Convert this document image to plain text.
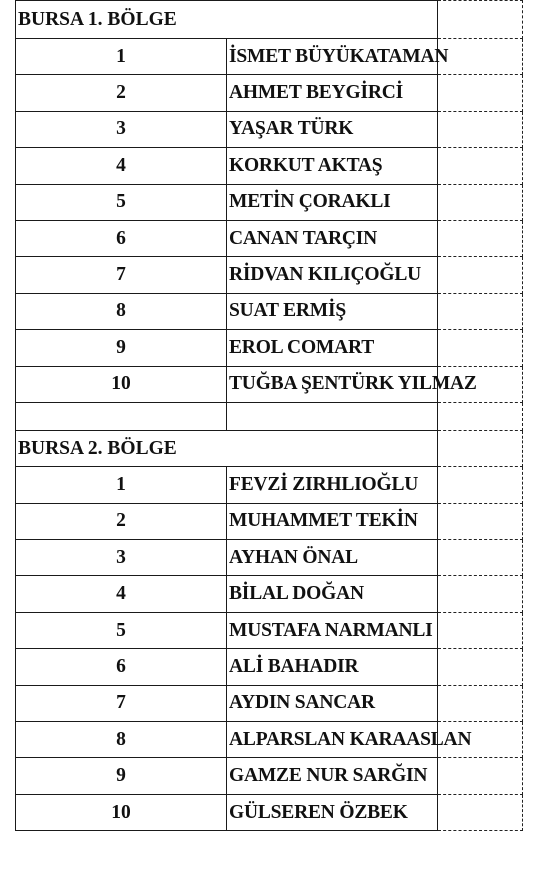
BURSA 1. BÖLGE		
1	İSMET BÜYÜKATAMAN	
2	AHMET BEYGİRCİ	
3	YAŞAR TÜRK	
4	KORKUT AKTAŞ	
5	METİN ÇORAKLI	
6	CANAN TARÇIN	
7	RİDVAN KILIÇOĞLU	
8	SUAT ERMİŞ	
9	EROL COMART	
10	TUĞBA ŞENTÜRK YILMAZ	

BURSA 2. BÖLGE		
1	FEVZİ ZIRHLIOĞLU	
2	MUHAMMET TEKİN	
3	AYHAN ÖNAL	
4	BİLAL DOĞAN	
5	MUSTAFA NARMANLI	
6	ALİ BAHADIR	
7	AYDIN SANCAR	
8	ALPARSLAN KARAASLAN	
9	GAMZE NUR SARĞIN	
10	GÜLSEREN ÖZBEK	
